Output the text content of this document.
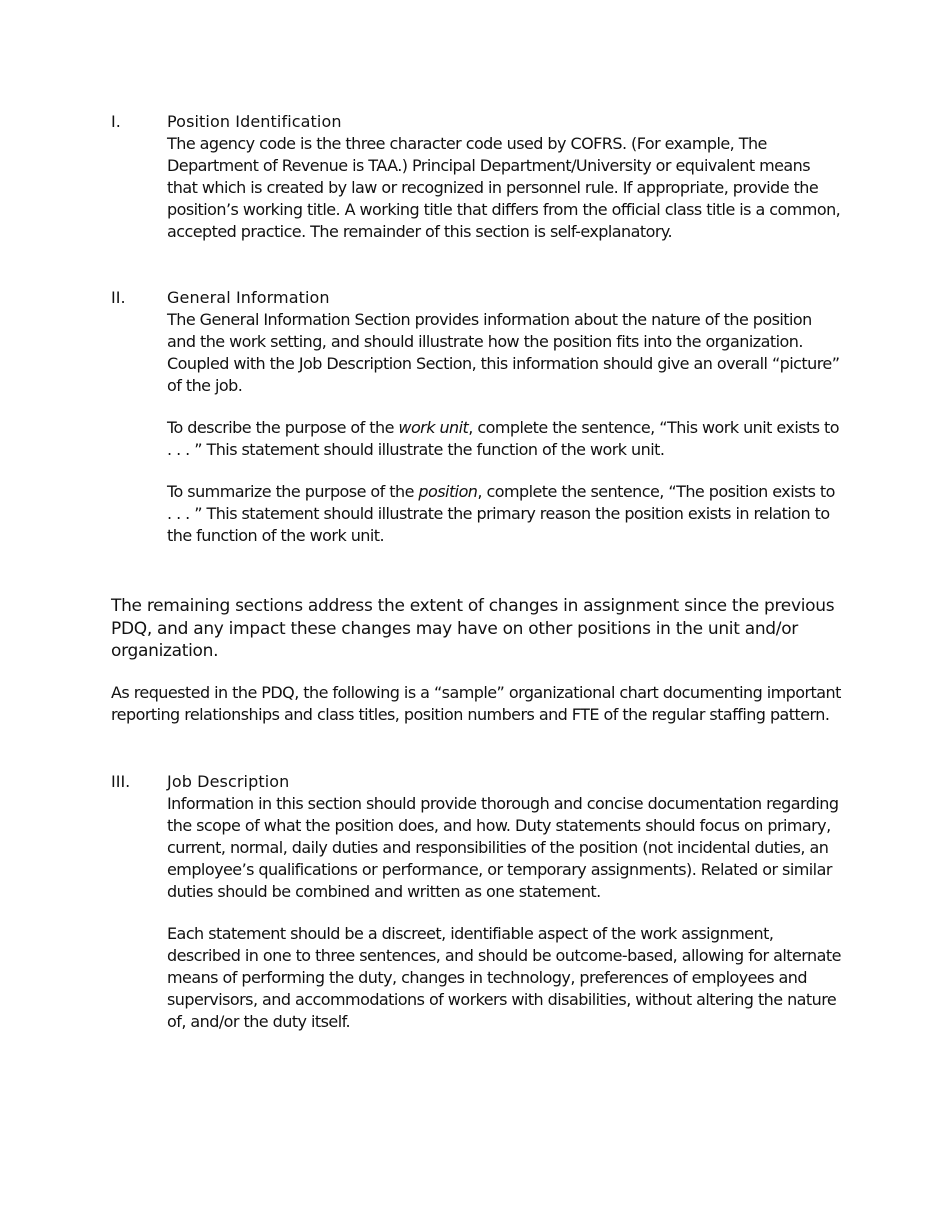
I.	Position Identification

The agency code is the three character code used by COFRS. (For example, The Department of Revenue is TAA.) Principal Department/University or equivalent means that which is created by law or recognized in personnel rule. If appropriate, provide the position’s working title. A working title that differs from the official class title is a common, accepted practice. The remainder of this section is self-explanatory.

II.	General Information

The General Information Section provides information about the nature of the position and the work setting, and should illustrate how the position fits into the organization. Coupled with the Job Description Section, this information should give an overall “picture” of the job.

To describe the purpose of the work unit, complete the sentence, “This work unit exists to . . . ” This statement should illustrate the function of the work unit.

To summarize the purpose of the position, complete the sentence, “The position exists to . . . ” This statement should illustrate the primary reason the position exists in relation to the function of the work unit.

The remaining sections address the extent of changes in assignment since the previous PDQ, and any impact these changes may have on other positions in the unit and/or organization.

As requested in the PDQ, the following is a “sample” organizational chart documenting important reporting relationships and class titles, position numbers and FTE of the regular staffing pattern.

III.	Job Description

Information in this section should provide thorough and concise documentation regarding the scope of what the position does, and how. Duty statements should focus on primary, current, normal, daily duties and responsibilities of the position (not incidental duties, an employee’s qualifications or performance, or temporary assignments). Related or similar duties should be combined and written as one statement.

Each statement should be a discreet, identifiable aspect of the work assignment, described in one to three sentences, and should be outcome-based, allowing for alternate means of performing the duty, changes in technology, preferences of employees and supervisors, and accommodations of workers with disabilities, without altering the nature of, and/or the duty itself.
